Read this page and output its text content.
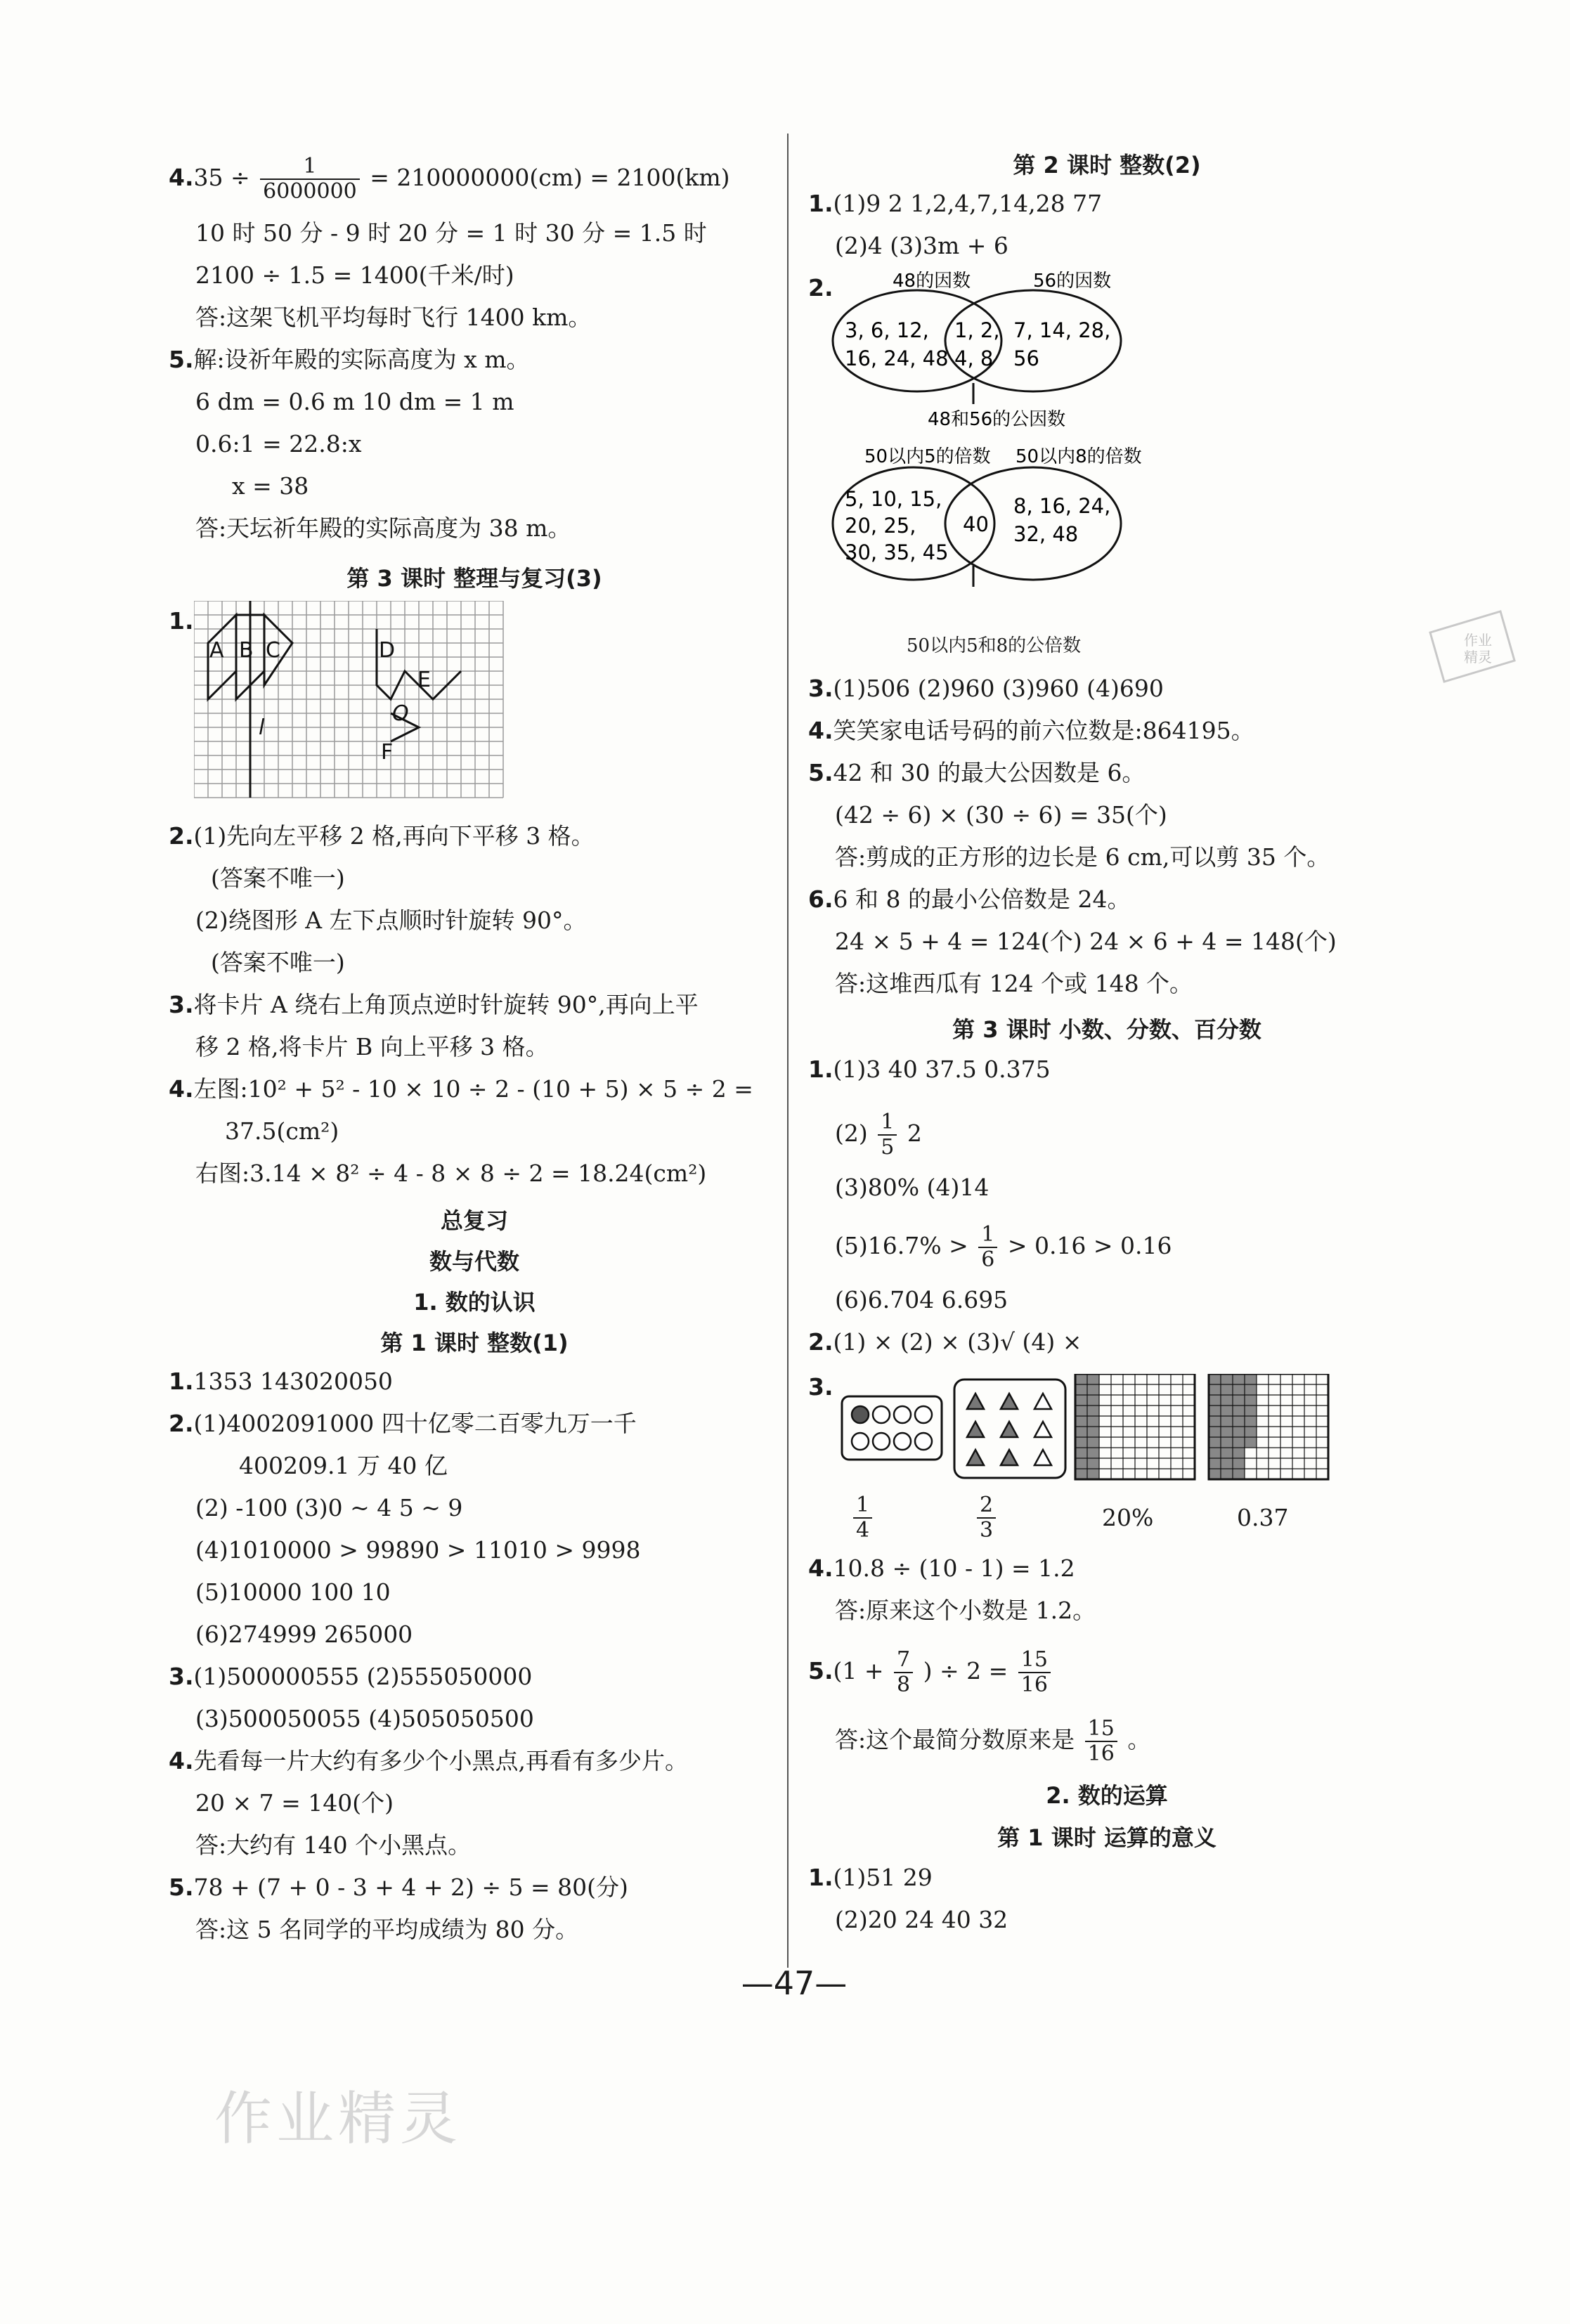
$4.35 \div \frac{1}{6000000} = 210000000(cm) = 2100(km)$
10 时 50 分 - 9 时 20 分 = 1 时 30 分 = 1.5 时
2100 ÷ 1.5 = 1400(千米/时)
答:这架飞机平均每时飞行 1400 km。
5.解:设祈年殿的实际高度为 x m。
6 dm = 0.6 m 10 dm = 1 m
0.6:1 = 22.8:x
x = 38
答:天坛祈年殿的实际高度为 38 m。
第 3 课时 整理与复习(3)
1.
A B C	D
E
O
F
l
2.(1)先向左平移 2 格,再向下平移 3 格。
(答案不唯一)
(2)绕图形 A 左下点顺时针旋转 90°。
(答案不唯一)
3.将卡片 A 绕右上角顶点逆时针旋转 90°,再向上平
移 2 格,将卡片 B 向上平移 3 格。
4.左图:10² + 5² - 10 × 10 ÷ 2 - (10 + 5) × 5 ÷ 2 =
37.5(cm²)
右图:3.14 × 8² ÷ 4 - 8 × 8 ÷ 2 = 18.24(cm²)
总复习
数与代数
1. 数的认识
第 1 课时 整数(1)
1.1353 143020050
2.(1)4002091000 四十亿零二百零九万一千
400209.1 万 40 亿
(2) -100 (3)0 ~ 4 5 ~ 9
(4)1010000 > 99890 > 11010 > 9998
(5)10000 100 10
(6)274999 265000
3.(1)500000555 (2)555050000
(3)500050055 (4)505050500
4.先看每一片大约有多少个小黑点,再看有多少片。
20 × 7 = 140(个)
答:大约有 140 个小黑点。
5.78 + (7 + 0 - 3 + 4 + 2) ÷ 5 = 80(分)
答:这 5 名同学的平均成绩为 80 分。
第 2 课时 整数(2)
1.(1)9 2 1,2,4,7,14,28 77
(2)4 (3)3m + 6
2.	48的因数	56的因数
3, 6, 12,
16, 24, 48
1, 2,
4, 8
7, 14, 28,
56
48和56的公因数
50以内5的倍数 50以内8的倍数
5, 10, 15,
20, 25,
30, 35, 45
40
8, 16, 24,
32, 48
50以内5和8的公倍数
3.(1)506 (2)960 (3)960 (4)690
4.笑笑家电话号码的前六位数是:864195。
5.42 和 30 的最大公因数是 6。
(42 ÷ 6) × (30 ÷ 6) = 35(个)
答:剪成的正方形的边长是 6 cm,可以剪 35 个。
6.6 和 8 的最小公倍数是 24。
24 × 5 + 4 = 124(个) 24 × 6 + 4 = 148(个)
答:这堆西瓜有 124 个或 148 个。
第 3 课时 小数、分数、百分数
1.(1)3 40 37.5 0.375
$(2) \frac{1}{5} 2$
(3)80% (4)14
$(5)16.7\% > \frac{1}{6} > 0.16 > 0.16$
(6)6.704 6.695
2.(1) × (2) × (3)√ (4) ×
3.
$\frac{1}{4}$	$\frac{2}{3}$	20%	0.37
4.10.8 ÷ (10 - 1) = 1.2
答:原来这个小数是 1.2。
$5.(1 + \frac{7}{8}$ ) ÷ $2 = \frac{15}{16}$
答:这个最简分数原来是 $\frac{15}{16}$ 。
2. 数的运算
第 1 课时 运算的意义
1.(1)51 29
(2)20 24 40 32
作业
精灵
—47—
作业精灵
